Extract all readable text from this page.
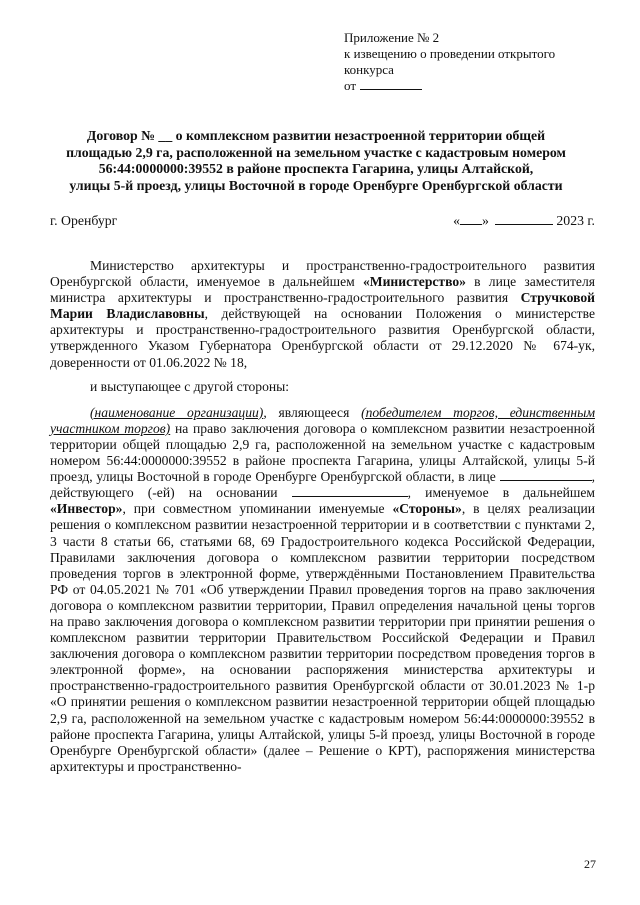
Приложение № 2
к извещению о проведении открытого
конкурса
от
Договор № __ о комплексном развитии незастроенной территории общей
площадью 2,9 га, расположенной на земельном участке с кадастровым номером
56:44:0000000:39552 в районе проспекта Гагарина, улицы Алтайской,
улицы 5-й проезд, улицы Восточной в городе Оренбурге Оренбургской области
г. Оренбург	« »	2023 г.

Министерство архитектуры и пространственно-градостроительного развития Оренбургской области, именуемое в дальнейшем «Министерство» в лице заместителя министра архитектуры и пространственно-градостроительного развития Стручковой Марии Владиславовны, действующей на основании Положения о министерстве архитектуры и пространственно-градостроительного развития Оренбургской области, утвержденного Указом Губернатора Оренбургской области от 29.12.2020 № 674-ук, доверенности от 01.06.2022 № 18,

и выступающее с другой стороны:

(наименование организации), являющееся (победителем торгов, единственным участником торгов) на право заключения договора о комплексном развитии незастроенной территории общей площадью 2,9 га, расположенной на земельном участке с кадастровым номером 56:44:0000000:39552 в районе проспекта Гагарина, улицы Алтайской, улицы 5-й проезд, улицы Восточной в городе Оренбурге Оренбургской области, в лице	, действующего (-ей) на основании	, именуемое в дальнейшем «Инвестор», при совместном упоминании именуемые «Стороны», в целях реализации решения о комплексном развитии незастроенной территории и в соответствии с пунктами 2, 3 части 8 статьи 66, статьями 68, 69 Градостроительного кодекса Российской Федерации, Правилами заключения договора о комплексном развитии территории посредством проведения торгов в электронной форме, утверждёнными Постановлением Правительства РФ от 04.05.2021 № 701 «Об утверждении Правил проведения торгов на право заключения договора о комплексном развитии территории, Правил определения начальной цены торгов на право заключения договора о комплексном развитии территории при принятии решения о комплексном развитии территории Правительством Российской Федерации и Правил заключения договора о комплексном развитии территории посредством проведения торгов в электронной форме», на основании распоряжения министерства архитектуры и пространственно-градостроительного развития Оренбургской области от 30.01.2023 № 1-р «О принятии решения о комплексном развитии незастроенной территории общей площадью 2,9 га, расположенной на земельном участке с кадастровым номером 56:44:0000000:39552 в районе проспекта Гагарина, улицы Алтайской, улицы 5-й проезд, улицы Восточной в городе Оренбурге Оренбургской области» (далее – Решение о КРТ), распоряжения министерства архитектуры и пространственно-

27
